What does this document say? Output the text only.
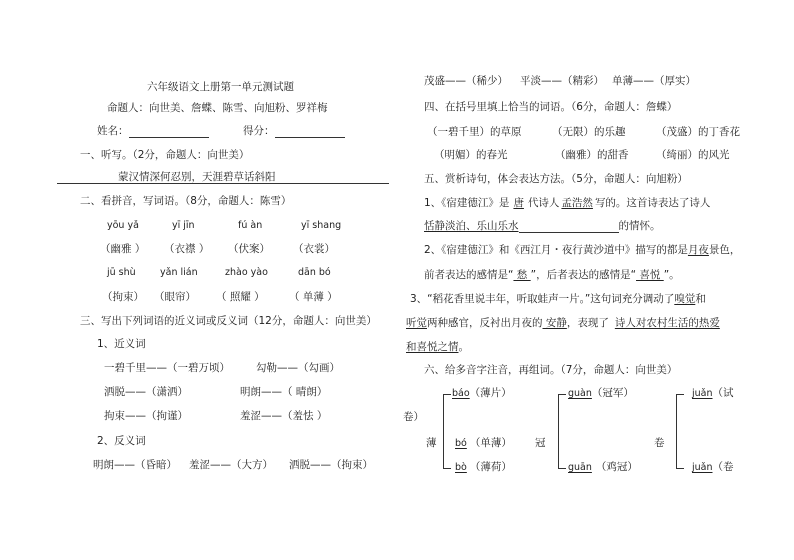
六年级语文上册第一单元测试题
命题人：向世美、詹蝶、陈雪、向旭粉、罗祥梅
姓名：	得分：
一、听写。（2分，命题人：向世美）
蒙汉情深何忍别，天涯碧草话斜阳
二、看拼音，写词语。（8分，命题人：陈雪）
yōu yǎ	yī jīn	fú àn	yī shang
（幽雅 ） （衣襟 ） （伏案） （衣裳）
jū shù	yǎn lián	zhào yào	dān bó
（拘束） （眼帘） （ 照耀 ） （ 单薄 ）
三、写出下列词语的近义词或反义词（12分，命题人：向世美）
1、近义词
一碧千里——（一碧万顷） 勾勒——（勾画）
洒脱——（潇洒）	明朗——（ 晴朗）
拘束——（拘谨）	羞涩——（羞怯 ）
2、反义词
明朗——（昏暗） 羞涩——（大方） 洒脱——（拘束）
茂盛——（稀少） 平淡——（精彩） 单薄——（厚实）
四、在括号里填上恰当的词语。（6分，命题人：詹蝶）
（一碧千里）的草原	（无限）的乐趣	（茂盛）的丁香花
（明媚）的春光	（幽雅）的甜香	（绮丽）的风光
五、赏析诗句，体会表达方法。（5分，命题人：向旭粉）
1、《宿建德江》是 唐 代诗人 孟浩然 写的。这首诗表达了诗人
恬静淡泊、乐山乐水	的情怀。
2、《宿建德江》和《西江月・夜行黄沙道中》描写的都是月夜景色，
前者表达的感情是“ 愁 ”，后者表达的感情是“ 喜悦 ”。
3、“稻花香里说丰年，听取蛙声一片。”这句词充分调动了嗅觉和
听觉两种感官，反衬出月夜的 安静，表现了 诗人对农村生活的热爱
和喜悦之情。
六、给多音字注音，再组词。（7分，命题人：向世美）
薄
báo（薄片）
bó （单薄）
bò （薄荷）
冠
guàn（冠军）
guān （鸡冠）
卷
juǎn（试
卷）
juǎn（卷
